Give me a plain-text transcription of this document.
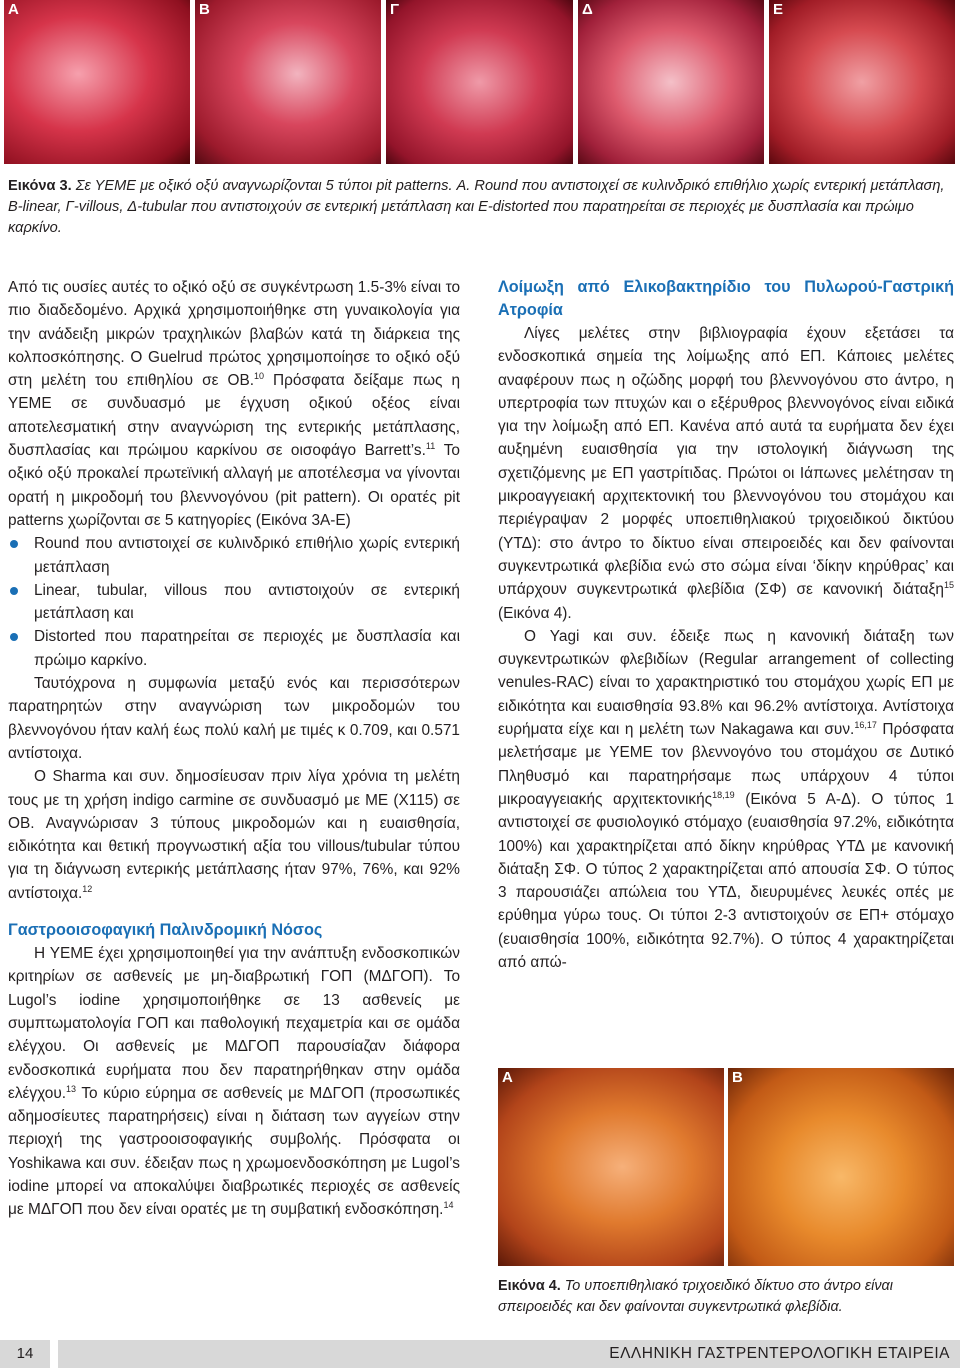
A	B	Γ	Δ	E
Εικόνα 3. Σε ΥΕΜΕ με οξικό οξύ αναγνωρίζονται 5 τύποι pit patterns. Α. Round που αντιστοιχεί σε κυλινδρικό επιθήλιο χωρίς εντερική μετάπλαση, Β-linear, Γ-villous, Δ-tubular που αντιστοιχούν σε εντερική μετάπλαση και Ε-distorted που παρατηρείται σε περιοχές με δυσπλασία και πρώιμο καρκίνο.

Από τις ουσίες αυτές το οξικό οξύ σε συγκέντρωση 1.5-3% είναι το πιο διαδεδομένο. Αρχικά χρησιμοποιήθηκε στη γυναικολογία για την ανάδειξη μικρών τραχηλικών βλαβών κατά τη διάρκεια της κολποσκόπησης. Ο Guelrud πρώτος χρησιμοποίησε το οξικό οξύ στη μελέτη του επιθηλίου σε ΟΒ.$^{10}$ Πρόσφατα δείξαμε πως η ΥΕΜΕ σε συνδυασμό με έγχυση οξικού οξέος είναι αποτελεσματική στην αναγνώριση της εντερικής μετάπλασης, δυσπλασίας και πρώιμου καρκίνου σε οισοφάγο Barrett’s.$^{11}$ Το οξικό οξύ προκαλεί πρωτεϊνική αλλαγή με αποτέλεσμα να γίνονται ορατή η μικροδομή του βλεννογόνου (pit pattern). Οι ορατές pit patterns χωρίζονται σε 5 κατηγορίες (Εικόνα 3Α-Ε)

Round που αντιστοιχεί σε κυλινδρικό επιθήλιο χωρίς εντερική μετάπλαση

Linear, tubular, villous που αντιστοιχούν σε εντερική μετάπλαση και

Distorted που παρατηρείται σε περιοχές με δυσπλασία και πρώιμο καρκίνο.

Ταυτόχρονα η συμφωνία μεταξύ ενός και περισσότερων παρατηρητών στην αναγνώριση των μικροδομών του βλεννογόνου ήταν καλή έως πολύ καλή με τιμές κ 0.709, και 0.571 αντίστοιχα.

Ο Sharma και συν. δημοσίευσαν πριν λίγα χρόνια τη μελέτη τους με τη χρήση indigo carmine σε συνδυασμό με ΜΕ (Χ115) σε ΟΒ. Αναγνώρισαν 3 τύπους μικροδομών και η ευαισθησία, ειδικότητα και θετική προγνωστική αξία του villous/tubular τύπου για τη διάγνωση εντερικής μετάπλασης ήταν 97%, 76%, και 92% αντίστοιχα.$^{12}$

Γαστροοισοφαγική Παλινδρομική Νόσος

Η ΥΕΜΕ έχει χρησιμοποιηθεί για την ανάπτυξη ενδοσκοπικών κριτηρίων σε ασθενείς με μη-διαβρωτική ΓΟΠ (ΜΔΓΟΠ). Το Lugol’s iodine χρησιμοποιήθηκε σε 13 ασθενείς με συμπτωματολογία ΓΟΠ και παθολογική πεχαμετρία και σε ομάδα ελέγχου. Οι ασθενείς με ΜΔΓΟΠ παρουσίαζαν διάφορα ενδοσκοπικά ευρήματα που δεν παρατηρήθηκαν στην ομάδα ελέγχου.$^{13}$ Το κύριο εύρημα σε ασθενείς με ΜΔΓΟΠ (προσωπικές αδημοσίευτες παρατηρήσεις) είναι η διάταση των αγγείων στην περιοχή της γαστροοισοφαγικής συμβολής. Πρόσφατα οι Yoshikawa και συν. έδειξαν πως η χρωμοενδοσκόπηση με Lugol’s iodine μπορεί να αποκαλύψει διαβρωτικές περιοχές σε ασθενείς με ΜΔΓΟΠ που δεν είναι ορατές με τη συμβατική ενδοσκόπηση.$^{14}$

Λοίμωξη από Ελικοβακτηρίδιο του Πυλωρού-Γαστρική Ατροφία

Λίγες μελέτες στην βιβλιογραφία έχουν εξετάσει τα ενδοσκοπικά σημεία της λοίμωξης από ΕΠ. Κάποιες μελέτες αναφέρουν πως η οζώδης μορφή του βλεννογόνου στο άντρο, η υπερτροφία των πτυχών και ο εξέρυθρος βλεννογόνος είναι ειδικά για την λοίμωξη από ΕΠ. Κανένα από αυτά τα ευρήματα δεν έχει αυξημένη ευαισθησία για την ιστολογική διάγνωση της σχετιζόμενης με ΕΠ γαστρίτιδας. Πρώτοι οι Ιάπωνες μελέτησαν τη μικροαγγειακή αρχιτεκτονική του βλεννογόνου του στομάχου και περιέγραψαν 2 μορφές υποεπιθηλιακού τριχοειδικού δικτύου (ΥΤΔ): στο άντρο το δίκτυο είναι σπειροειδές και δεν φαίνονται συγκεντρωτικά φλεβίδια ενώ στο σώμα είναι ‘δίκην κηρύθρας’ και υπάρχουν συγκεντρωτικά φλεβίδια (ΣΦ) σε κανονική διάταξη$^{15}$ (Εικόνα 4).

Ο Yagi και συν. έδειξε πως η κανονική διάταξη των συγκεντρωτικών φλεβιδίων (Regular arrangement of collecting venules-RAC) είναι το χαρακτηριστικό του στομάχου χωρίς ΕΠ με ειδικότητα και ευαισθησία 93.8% και 96.2% αντίστοιχα. Αντίστοιχα ευρήματα είχε και η μελέτη των Nakagawa και συν.$^{16,17}$ Πρόσφατα μελετήσαμε με ΥΕΜΕ τον βλεννογόνο του στομάχου σε Δυτικό Πληθυσμό και παρατηρήσαμε πως υπάρχουν 4 τύποι μικροαγγειακής αρχιτεκτονικής$^{18,19}$ (Εικόνα 5 Α-Δ). Ο τύπος 1 αντιστοιχεί σε φυσιολογικό στόμαχο (ευαισθησία 97.2%, ειδικότητα 100%) και χαρακτηρίζεται από δίκην κηρύθρας ΥΤΔ με κανονική διάταξη ΣΦ. Ο τύπος 2 χαρακτηρίζεται από απουσία ΣΦ. Ο τύπος 3 παρουσιάζει απώλεια του ΥΤΔ, διευρυμένες λευκές οπές με ερύθημα γύρω τους. Οι τύποι 2-3 αντιστοιχούν σε ΕΠ+ στόμαχο (ευαισθησία 100%, ειδικότητα 92.7%). Ο τύπος 4 χαρακτηρίζεται από απώ-

A	B
Εικόνα 4. Το υποεπιθηλιακό τριχοειδικό δίκτυο στο άντρο είναι σπειροειδές και δεν φαίνονται συγκεντρωτικά φλεβίδια.
14	ΕΛΛΗΝΙΚΗ ΓΑΣΤΡΕΝΤΕΡΟΛΟΓΙΚΗ ΕΤΑΙΡΕΙΑ
